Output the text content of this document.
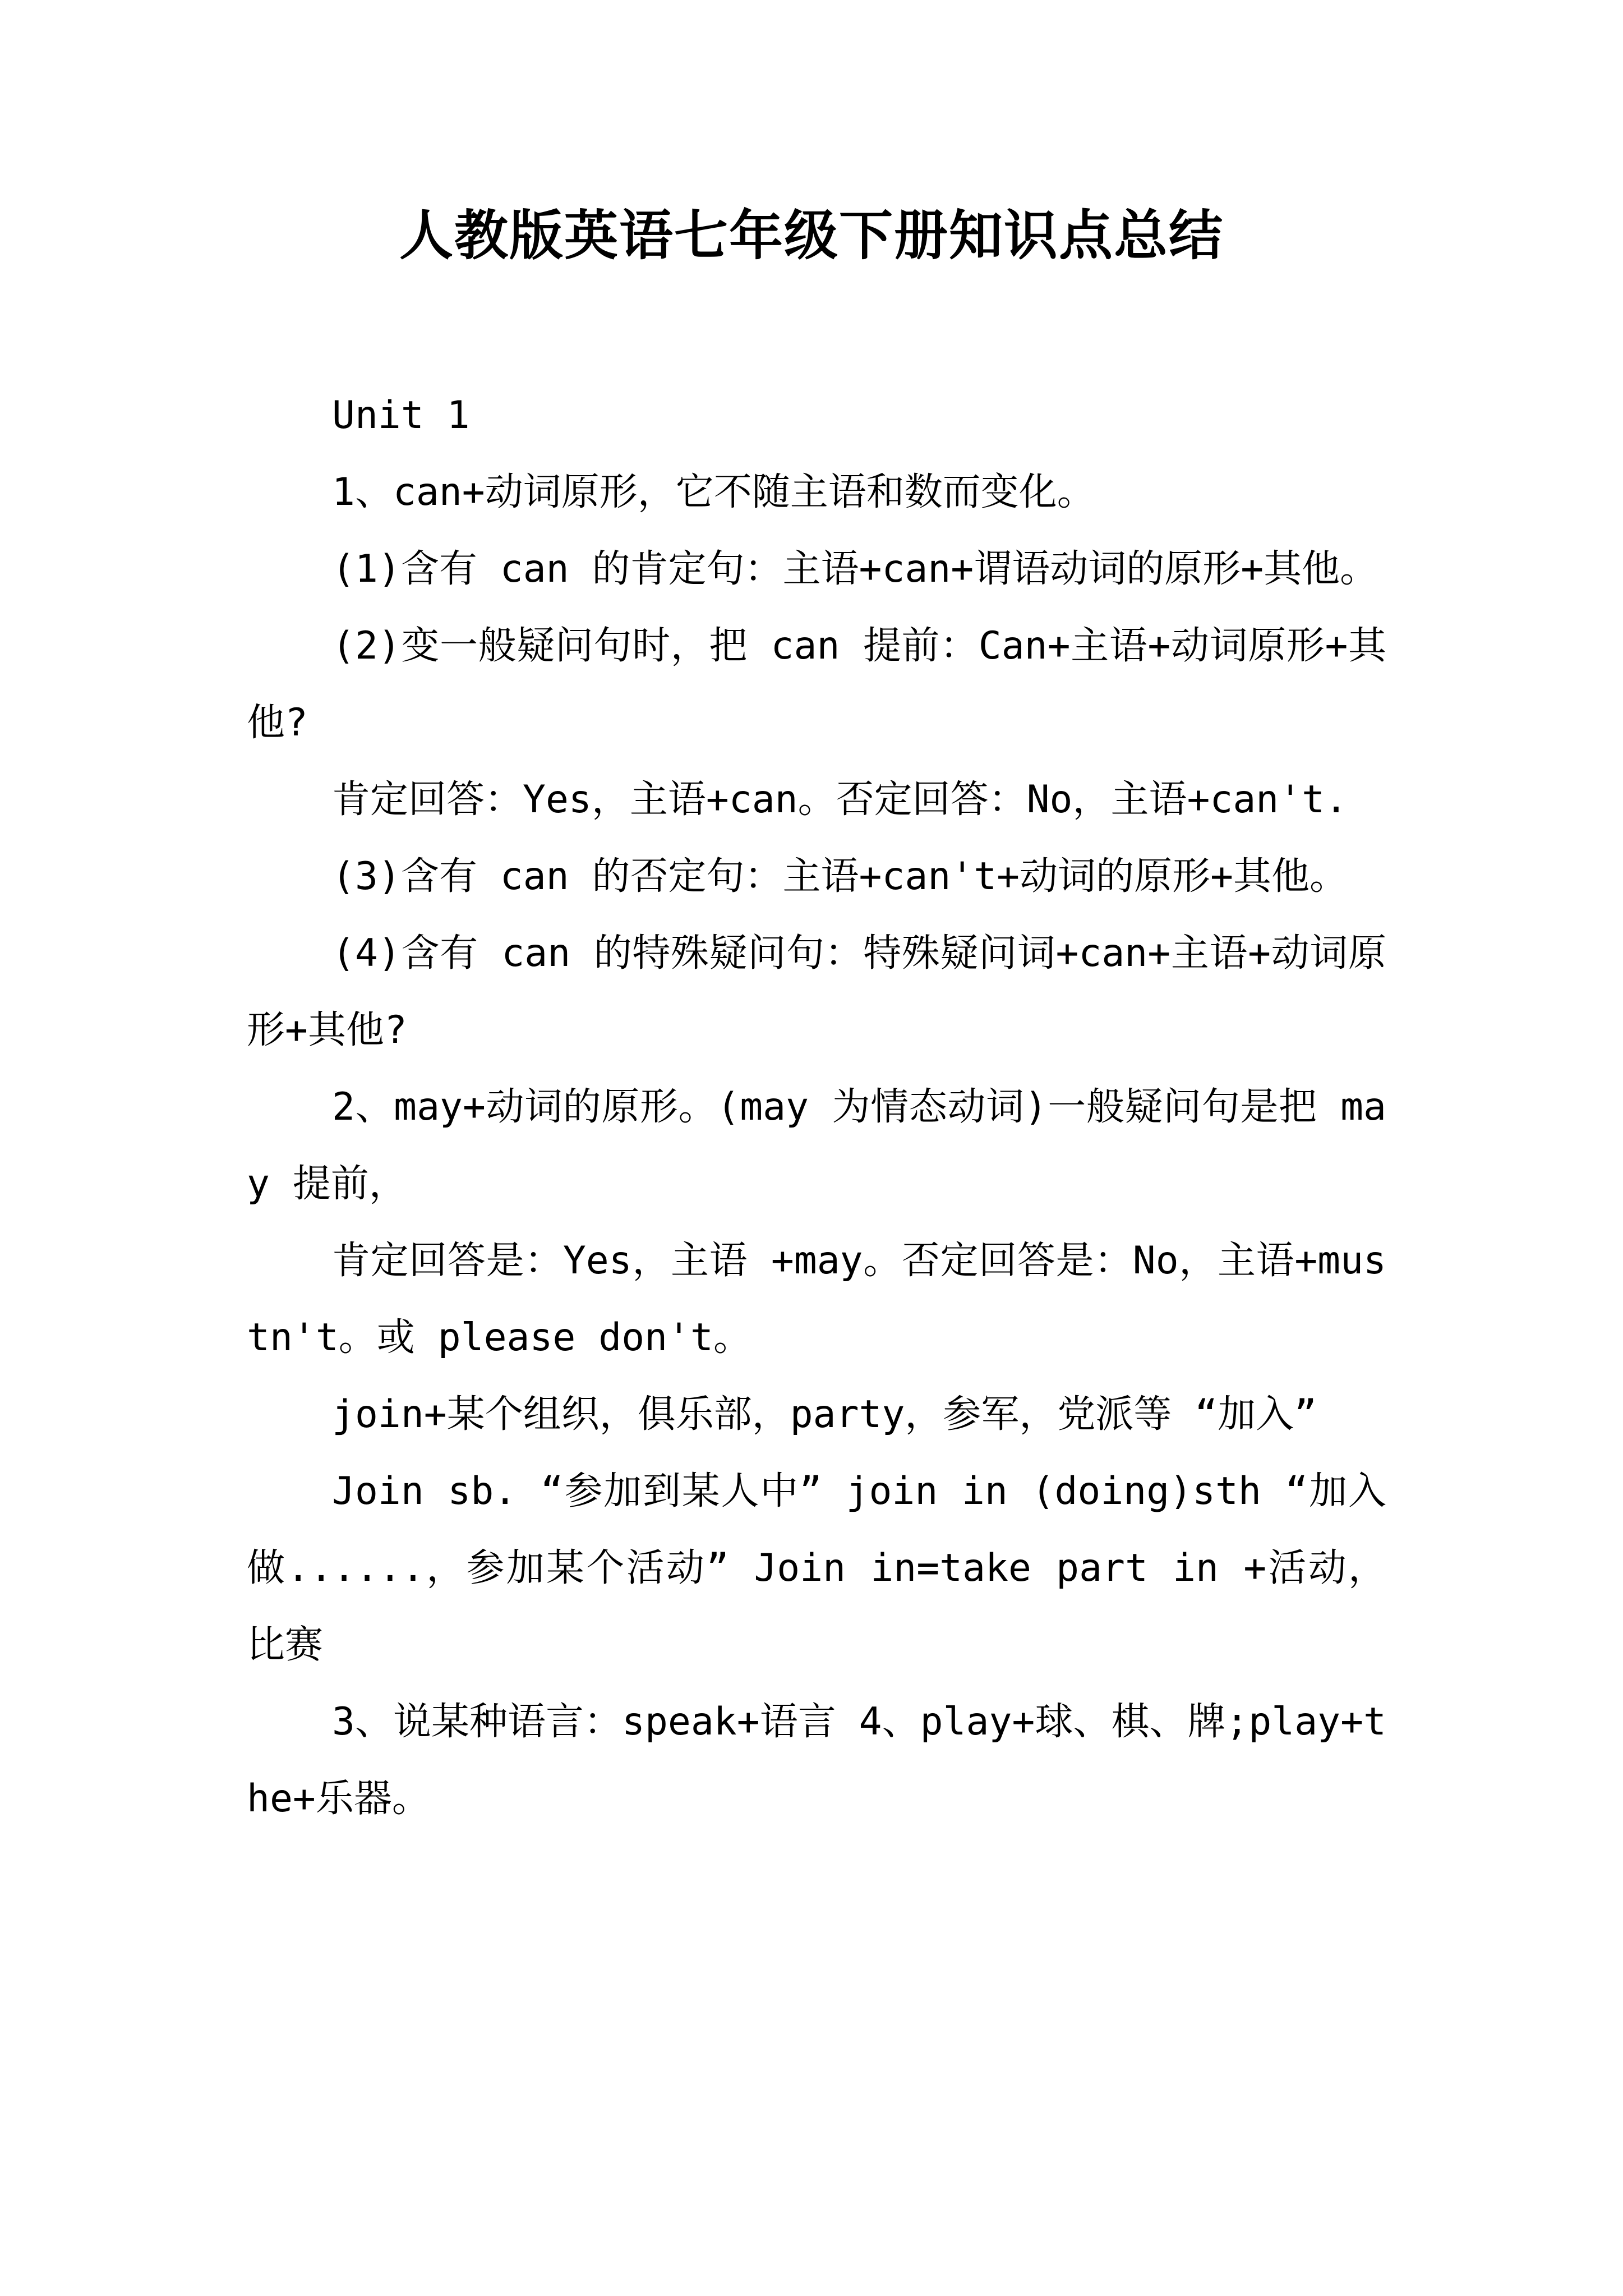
人教版英语七年级下册知识点总结

Unit 1

1、can+动词原形，它不随主语和数而变化。

(1)含有 can 的肯定句：主语+can+谓语动词的原形+其他。

(2)变一般疑问句时，把 can 提前：Can+主语+动词原形+其他?

肯定回答：Yes，主语+can。否定回答：No，主语+can't.

(3)含有 can 的否定句：主语+can't+动词的原形+其他。

(4)含有 can 的特殊疑问句：特殊疑问词+can+主语+动词原形+其他?

2、may+动词的原形。(may 为情态动词)一般疑问句是把 may 提前，

肯定回答是：Yes，主语 +may。否定回答是：No，主语+mustn't。或 please don't。

join+某个组织，俱乐部，party，参军，党派等 “加入”

Join sb. “参加到某人中” join in (doing)sth “加入做......，参加某个活动” Join in=take part in +活动，比赛

3、说某种语言：speak+语言 4、play+球、棋、牌;play+the+乐器。
